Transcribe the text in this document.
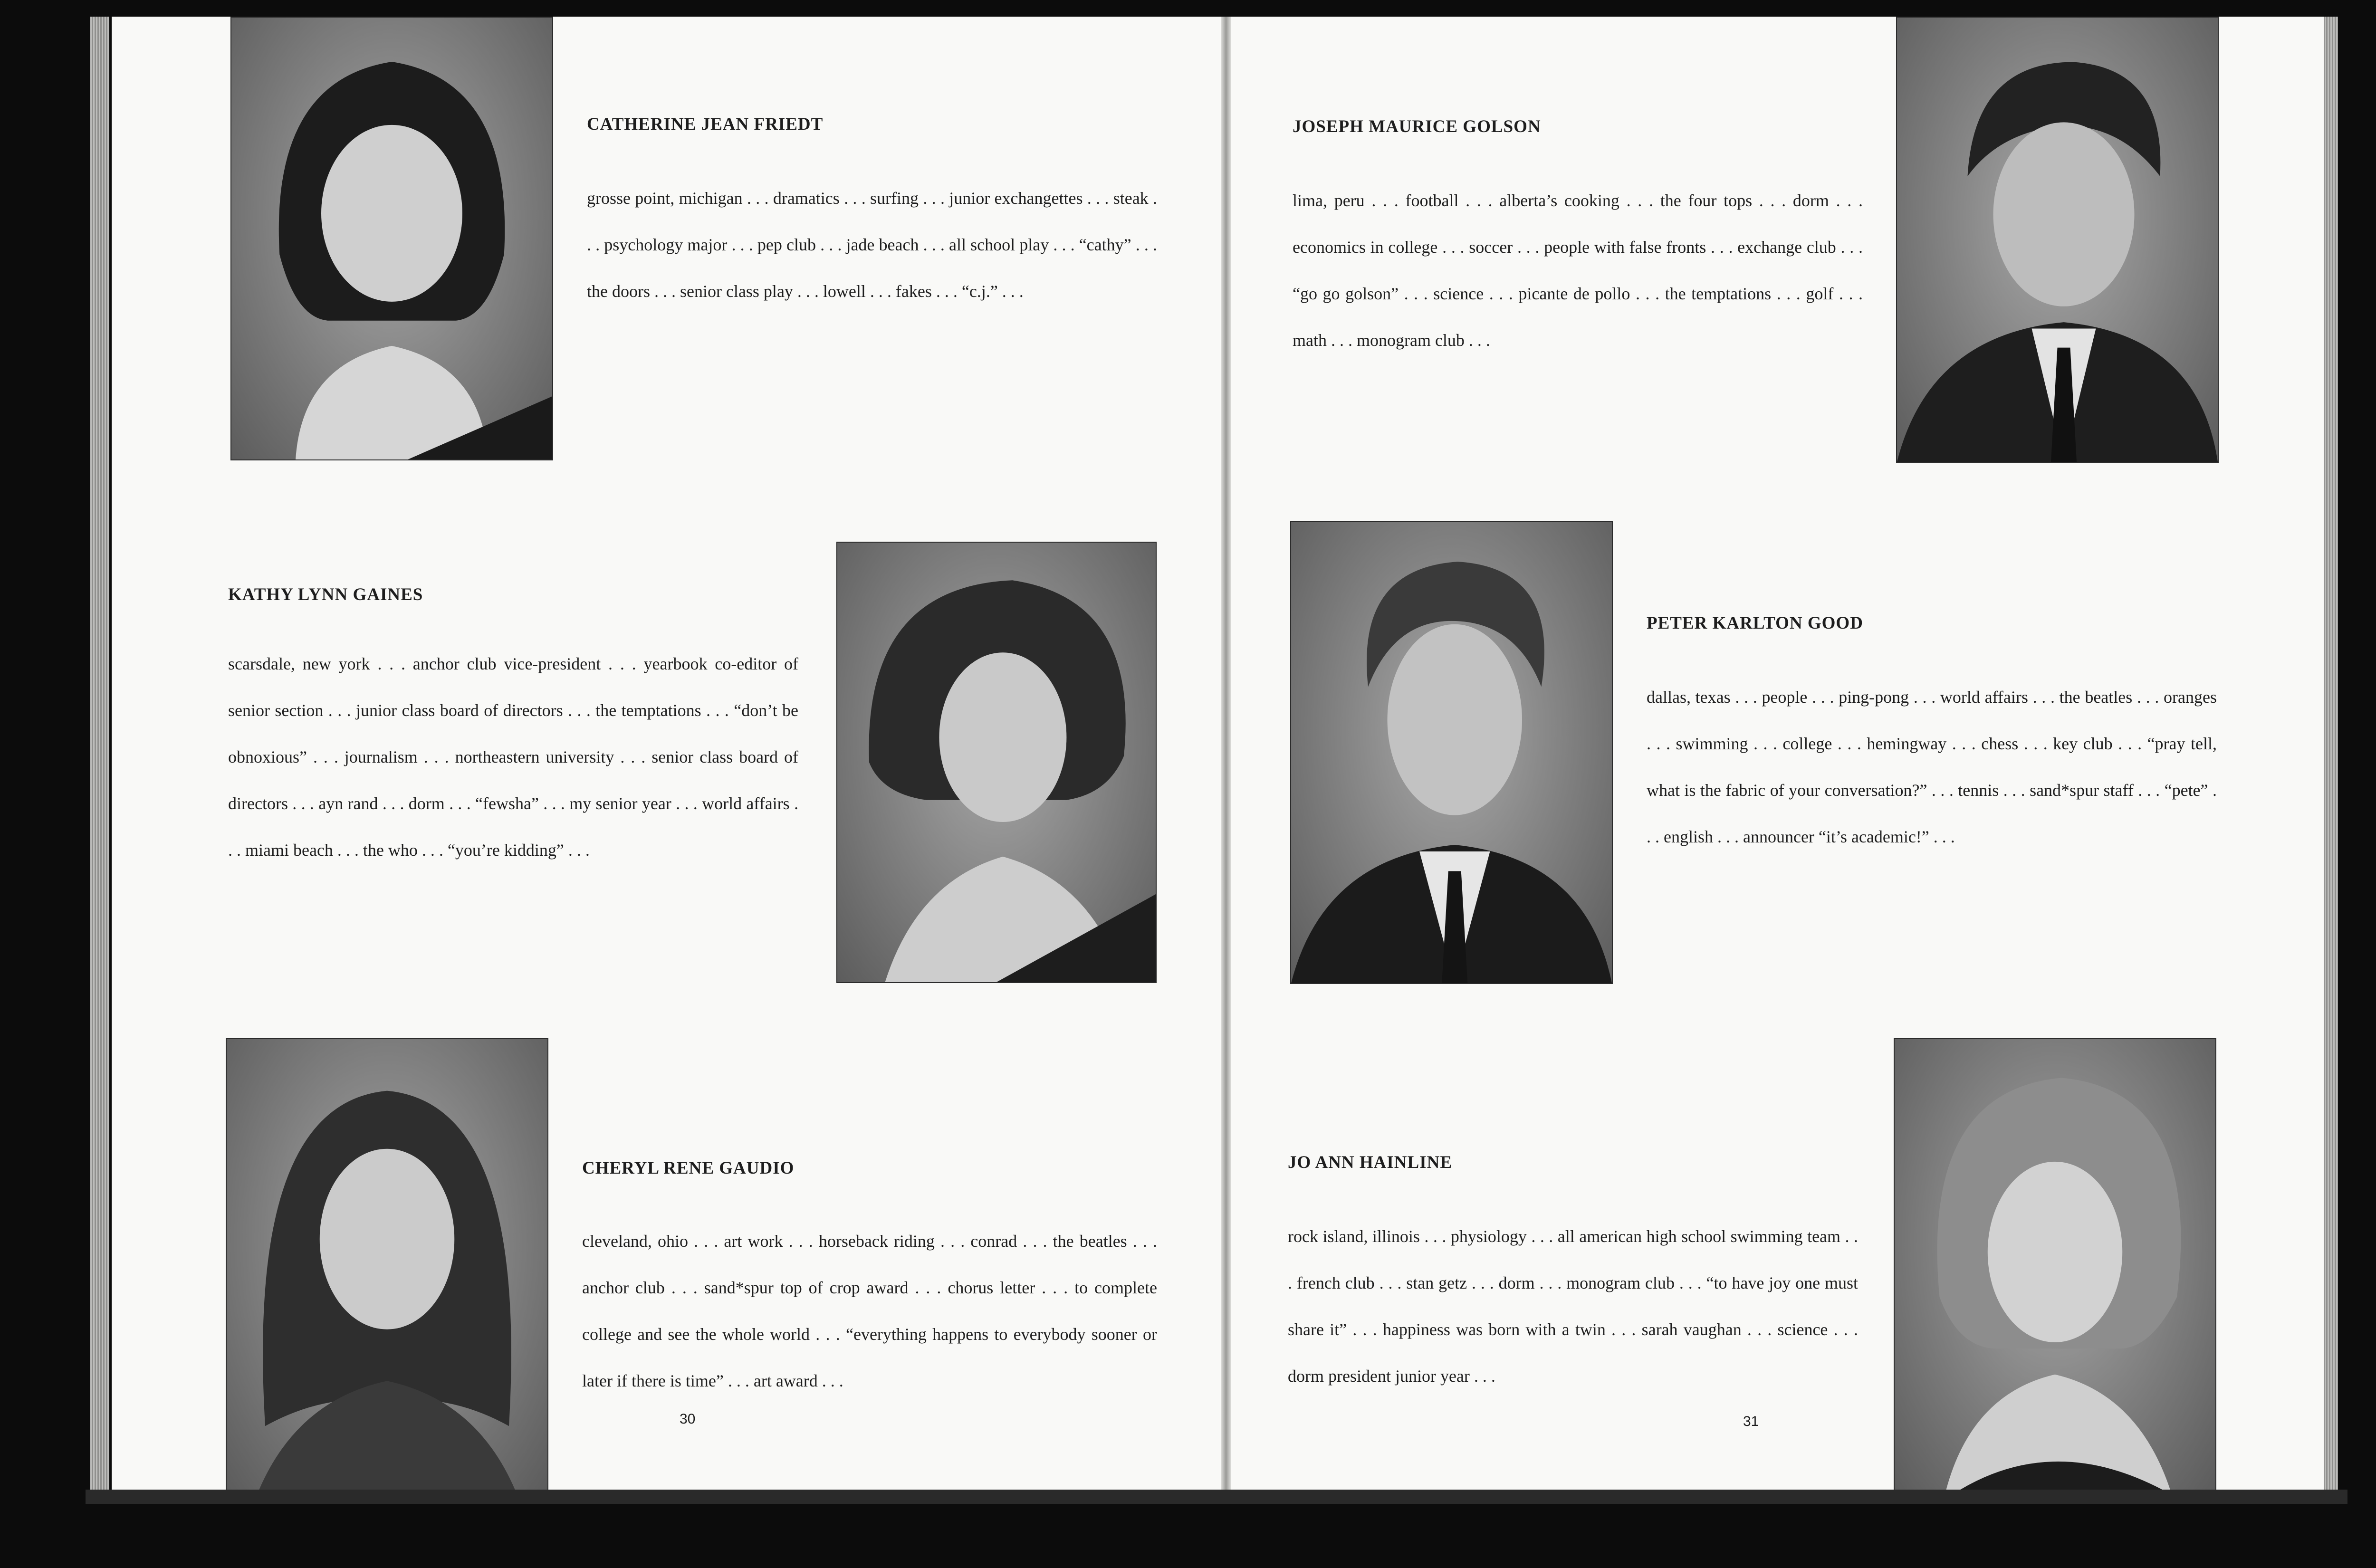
CATHERINE JEAN FRIEDT
grosse point, michigan . . . dramatics . . . surfing . . . junior exchangettes . . . steak . . . psychology major . . . pep club . . . jade beach . . . all school play . . . “cathy” . . . the doors . . . senior class play . . . lowell . . . fakes . . . “c.j.” . . .
KATHY LYNN GAINES
scarsdale, new york . . . anchor club vice-president . . . yearbook co-editor of senior section . . . junior class board of directors . . . the temptations . . . “don’t be obnoxious” . . . journalism . . . northeastern university . . . senior class board of directors . . . ayn rand . . . dorm . . . “fewsha” . . . my senior year . . . world affairs . . . miami beach . . . the who . . . “you’re kidding” . . .
CHERYL RENE GAUDIO
cleveland, ohio . . . art work . . . horseback riding . . . conrad . . . the beatles . . . anchor club . . . sand*spur top of crop award . . . chorus letter . . . to complete college and see the whole world . . . “everything happens to everybody sooner or later if there is time” . . . art award . . .
30
JOSEPH MAURICE GOLSON
lima, peru . . . football . . . alberta’s cooking . . . the four tops . . . dorm . . . economics in college . . . soccer . . . people with false fronts . . . exchange club . . . “go go golson” . . . science . . . picante de pollo . . . the temptations . . . golf . . . math . . . monogram club . . .
PETER KARLTON GOOD
dallas, texas . . . people . . . ping-pong . . . world affairs . . . the beatles . . . oranges . . . swimming . . . college . . . hemingway . . . chess . . . key club . . . “pray tell, what is the fabric of your conversation?” . . . tennis . . . sand*spur staff . . . “pete” . . . english . . . announcer “it’s academic!” . . .
JO ANN HAINLINE
rock island, illinois . . . physiology . . . all american high school swimming team . . . french club . . . stan getz . . . dorm . . . monogram club . . . “to have joy one must share it” . . . happiness was born with a twin . . . sarah vaughan . . . science . . . dorm president junior year . . .
31
